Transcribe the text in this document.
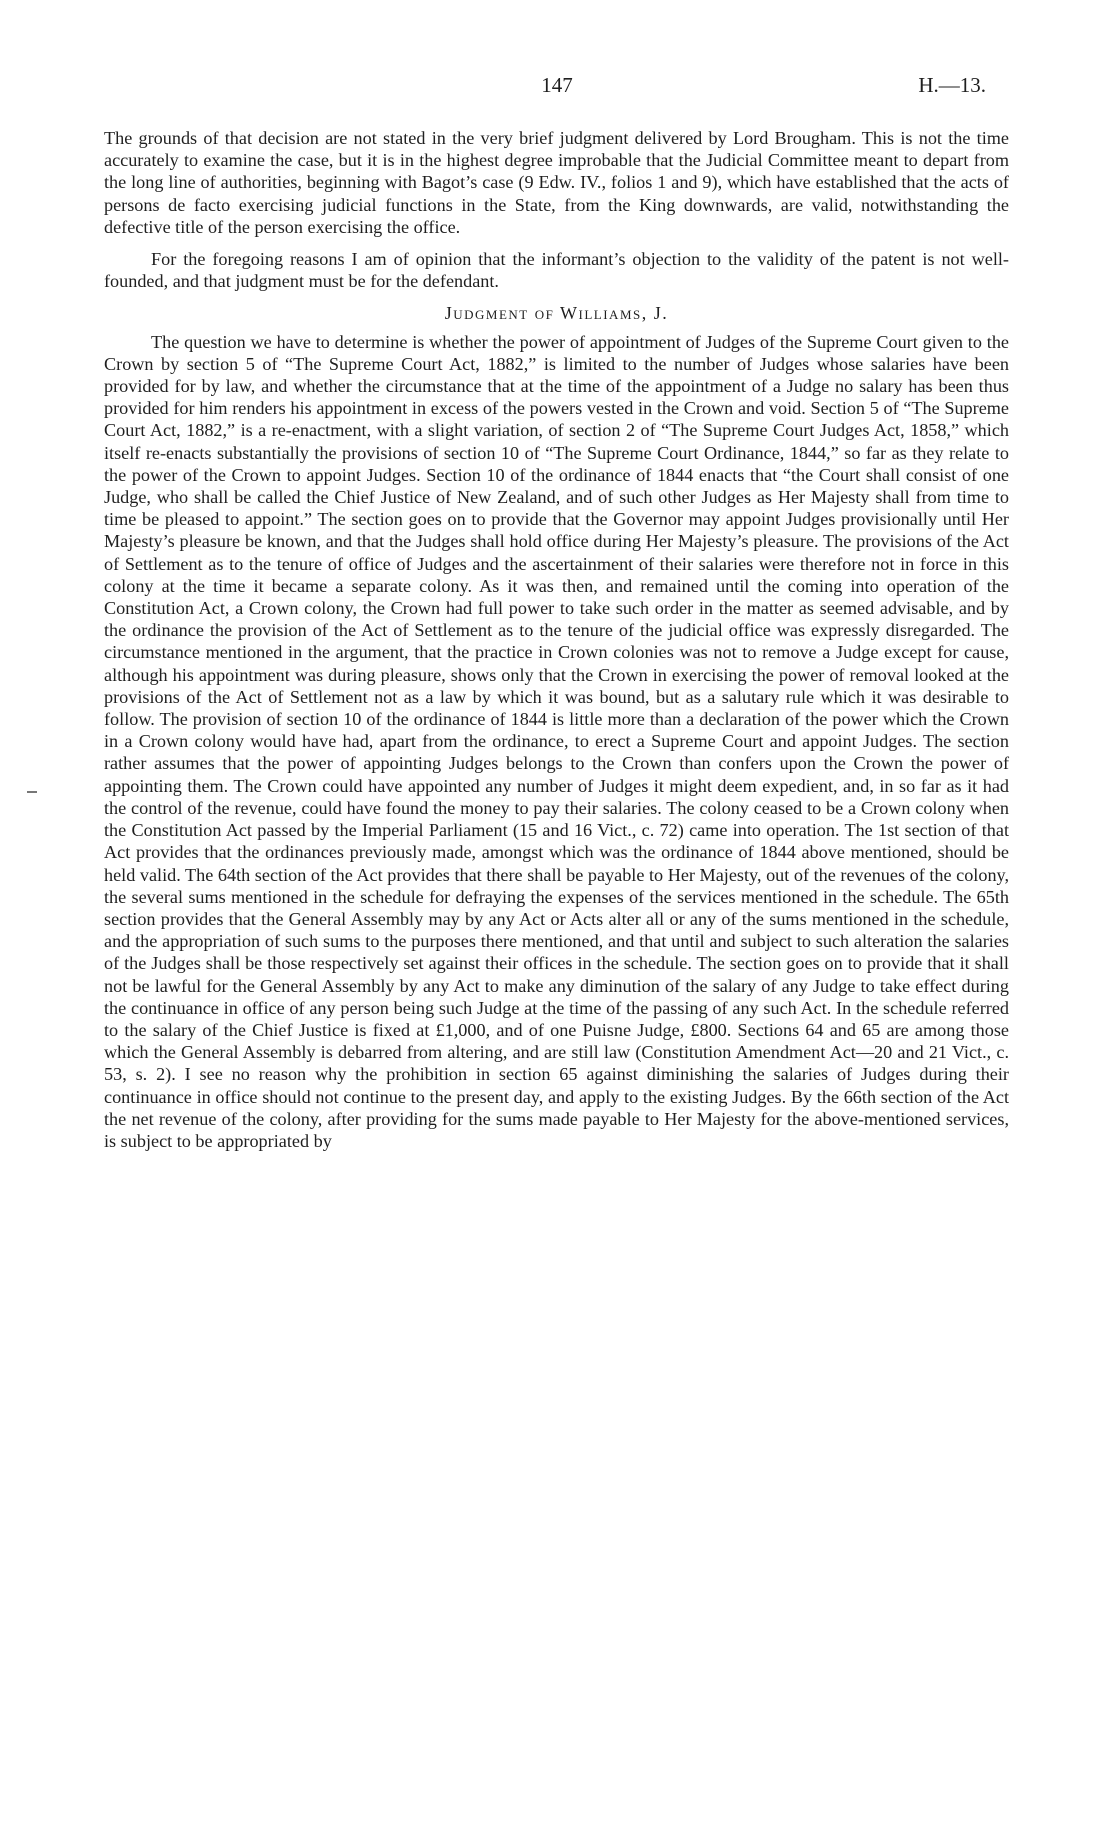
147	H.—13.

The grounds of that decision are not stated in the very brief judgment delivered by Lord Brougham. This is not the time accurately to examine the case, but it is in the highest degree improbable that the Judicial Committee meant to depart from the long line of authorities, beginning with Bagot’s case (9 Edw. IV., folios 1 and 9), which have established that the acts of persons de facto exercising judicial functions in the State, from the King downwards, are valid, notwithstanding the defective title of the person exercising the office.

For the foregoing reasons I am of opinion that the informant’s objection to the validity of the patent is not well-founded, and that judgment must be for the defendant.

Judgment of Williams, J.

The question we have to determine is whether the power of appointment of Judges of the Supreme Court given to the Crown by section 5 of “The Supreme Court Act, 1882,” is limited to the number of Judges whose salaries have been provided for by law, and whether the circumstance that at the time of the appointment of a Judge no salary has been thus provided for him renders his appointment in excess of the powers vested in the Crown and void. Section 5 of “The Supreme Court Act, 1882,” is a re-enactment, with a slight variation, of section 2 of “The Supreme Court Judges Act, 1858,” which itself re-enacts substantially the provisions of section 10 of “The Supreme Court Ordinance, 1844,” so far as they relate to the power of the Crown to appoint Judges. Section 10 of the ordinance of 1844 enacts that “the Court shall consist of one Judge, who shall be called the Chief Justice of New Zealand, and of such other Judges as Her Majesty shall from time to time be pleased to appoint.” The section goes on to provide that the Governor may appoint Judges provisionally until Her Majesty’s pleasure be known, and that the Judges shall hold office during Her Majesty’s pleasure. The provisions of the Act of Settlement as to the tenure of office of Judges and the ascertainment of their salaries were therefore not in force in this colony at the time it became a separate colony. As it was then, and remained until the coming into operation of the Constitution Act, a Crown colony, the Crown had full power to take such order in the matter as seemed advisable, and by the ordinance the provision of the Act of Settlement as to the tenure of the judicial office was expressly disregarded. The circumstance mentioned in the argument, that the practice in Crown colonies was not to remove a Judge except for cause, although his appointment was during pleasure, shows only that the Crown in exercising the power of removal looked at the provisions of the Act of Settlement not as a law by which it was bound, but as a salutary rule which it was desirable to follow. The provision of section 10 of the ordinance of 1844 is little more than a declaration of the power which the Crown in a Crown colony would have had, apart from the ordinance, to erect a Supreme Court and appoint Judges. The section rather assumes that the power of appointing Judges belongs to the Crown than confers upon the Crown the power of appointing them. The Crown could have appointed any number of Judges it might deem expedient, and, in so far as it had the control of the revenue, could have found the money to pay their salaries. The colony ceased to be a Crown colony when the Constitution Act passed by the Imperial Parliament (15 and 16 Vict., c. 72) came into operation. The 1st section of that Act provides that the ordinances previously made, amongst which was the ordinance of 1844 above mentioned, should be held valid. The 64th section of the Act provides that there shall be payable to Her Majesty, out of the revenues of the colony, the several sums mentioned in the schedule for defraying the expenses of the services mentioned in the schedule. The 65th section provides that the General Assembly may by any Act or Acts alter all or any of the sums mentioned in the schedule, and the appropriation of such sums to the purposes there mentioned, and that until and subject to such alteration the salaries of the Judges shall be those respectively set against their offices in the schedule. The section goes on to provide that it shall not be lawful for the General Assembly by any Act to make any diminution of the salary of any Judge to take effect during the continuance in office of any person being such Judge at the time of the passing of any such Act. In the schedule referred to the salary of the Chief Justice is fixed at £1,000, and of one Puisne Judge, £800. Sections 64 and 65 are among those which the General Assembly is debarred from altering, and are still law (Constitution Amendment Act—20 and 21 Vict., c. 53, s. 2). I see no reason why the prohibition in section 65 against diminishing the salaries of Judges during their continuance in office should not continue to the present day, and apply to the existing Judges. By the 66th section of the Act the net revenue of the colony, after providing for the sums made payable to Her Majesty for the above-mentioned services, is subject to be appropriated by
